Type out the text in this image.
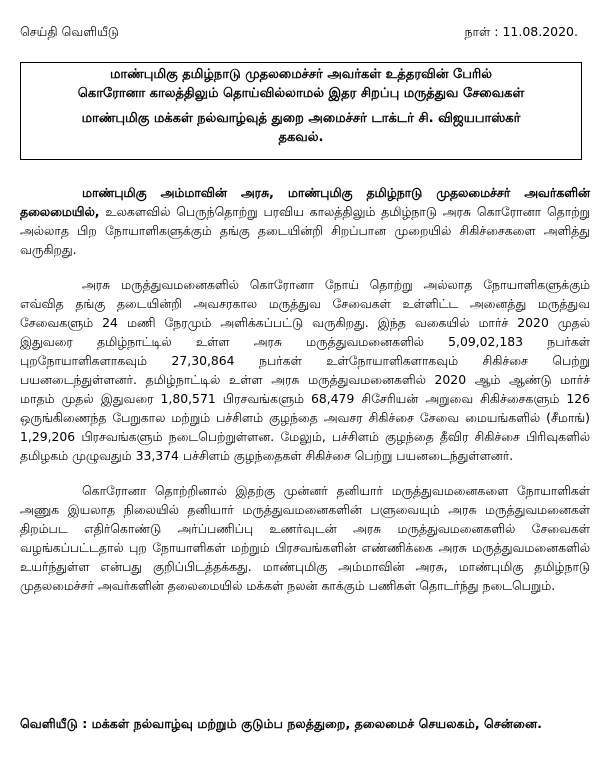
செய்தி வெளியீடு	நாள் : 11.08.2020.
மாண்புமிகு தமிழ்நாடு முதலமைச்சர் அவர்கள் உத்தரவின் பேரில்
கொரோனா காலத்திலும் தொய்வில்லாமல் இதர சிறப்பு மருத்துவ சேவைகள்
மாண்புமிகு மக்கள் நல்வாழ்வுத் துறை அமைச்சர் டாக்டர் சி. விஜயபாஸ்கர்
தகவல்.

மாண்புமிகு அம்மாவின் அரசு, மாண்புமிகு தமிழ்நாடு முதலமைச்சர் அவர்களின் தலைமையில், உலகளவில் பெருந்தொற்று பரவிய காலத்திலும் தமிழ்நாடு அரசு கொரோனா தொற்று அல்லாத பிற நோயாளிகளுக்கும் தங்கு தடையின்றி சிறப்பான முறையில் சிகிச்சைகளை அளித்து வருகிறது.

அரசு மருத்துவமனைகளில் கொரோனா நோய் தொற்று அல்லாத நோயாளிகளுக்கும் எவ்வித தங்கு தடையின்றி அவசரகால மருத்துவ சேவைகள் உள்ளிட்ட அனைத்து மருத்துவ சேவைகளும் 24 மணி நேரமும் அளிக்கப்பட்டு வருகிறது. இந்த வகையில் மார்ச் 2020 முதல் இதுவரை தமிழ்நாட்டில் உள்ள அரசு மருத்துவமனைகளில் 5,09,02,183 நபர்கள் புறநோயாளிகளாகவும் 27,30,864 நபர்கள் உள்நோயாளிகளாகவும் சிகிச்சை பெற்று பயனடைந்துள்ளனர். தமிழ்நாட்டில் உள்ள அரசு மருத்துவமனைகளில் 2020 ஆம் ஆண்டு மார்ச் மாதம் முதல் இதுவரை 1,80,571 பிரசவங்களும் 68,479 சிசேரியன் அறுவை சிகிச்சைகளும் 126 ஒருங்கிணைந்த பேறுகால மற்றும் பச்சிளம் குழந்தை அவசர சிகிச்சை சேவை மையங்களில் (சீமாங்) 1,29,206 பிரசவங்களும் நடைபெற்றுள்ளன. மேலும், பச்சிளம் குழந்தை தீவிர சிகிச்சை பிரிவுகளில் தமிழகம் முழுவதும் 33,374 பச்சிளம் குழந்தைகள் சிகிச்சை பெற்று பயனடைந்துள்ளனர்.

கொரோனா தொற்றினால் இதற்கு முன்னர் தனியார் மருத்துவமனைகளை நோயாளிகள் அணுக இயலாத நிலையில் தனியார் மருத்துவமனைகளின் பளுவையும் அரசு மருத்துவமனைகள் திறம்பட எதிர்கொண்டு அர்ப்பணிப்பு உணர்வுடன் அரசு மருத்துவமனைகளில் சேவைகள் வழங்கப்பட்டதால் புற நோயாளிகள் மற்றும் பிரசவங்களின் எண்ணிக்கை அரசு மருத்துவமனைகளில் உயர்ந்துள்ள என்பது குறிப்பிடத்தக்கது. மாண்புமிகு அம்மாவின் அரசு, மாண்புமிகு தமிழ்நாடு முதலமைச்சர் அவர்களின் தலைமையில் மக்கள் நலன் காக்கும் பணிகள் தொடர்ந்து நடைபெறும்.

வெளியீடு : மக்கள் நல்வாழ்வு மற்றும் குடும்ப நலத்துறை, தலைமைச் செயலகம், சென்னை.
